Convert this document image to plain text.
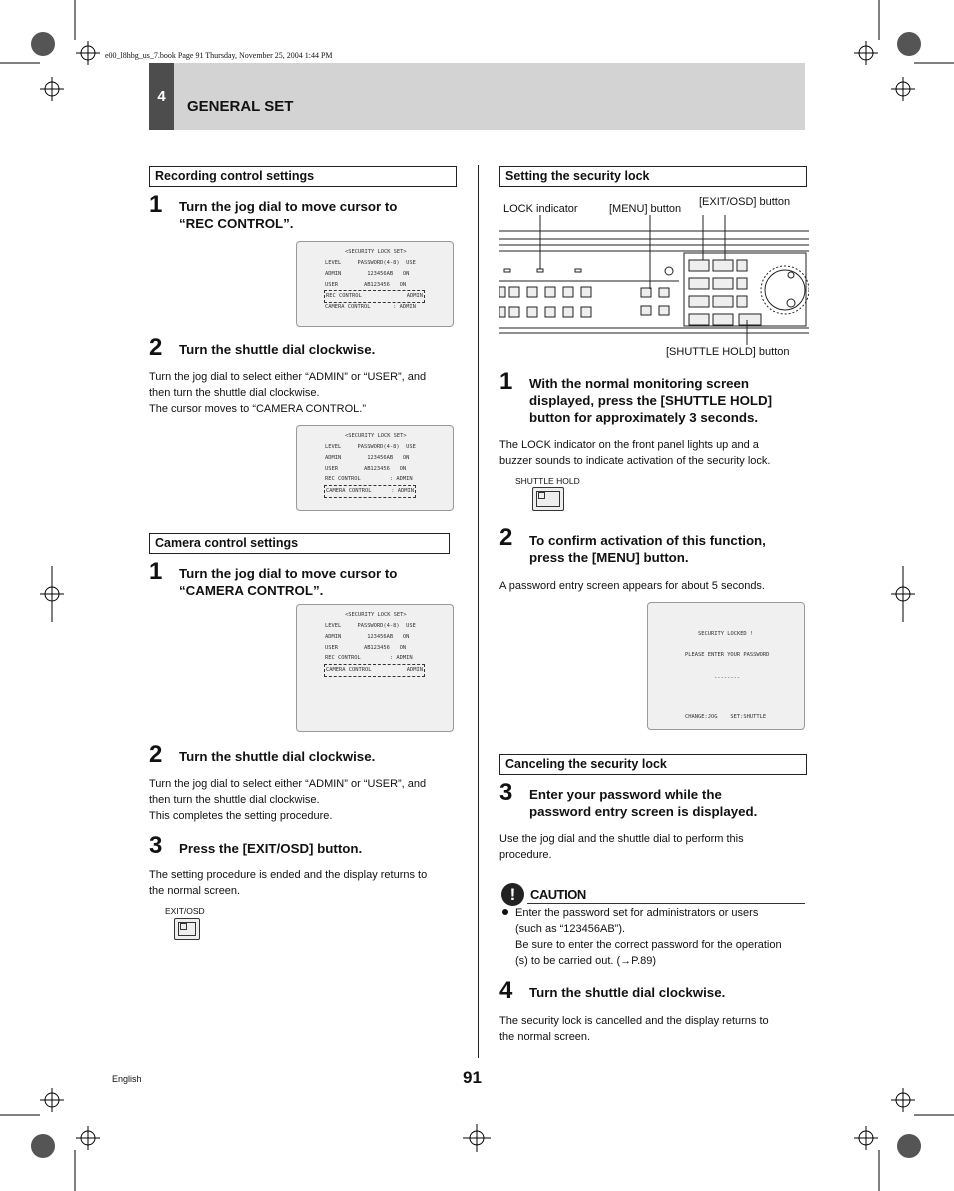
e00_l8hbg_us_7.book Page 91 Thursday, November 25, 2004 1:44 PM
4
GENERAL SET
Recording control settings
1 Turn the jog dial to move cursor to
“REC CONTROL”.
<SECURITY LOCK SET>
LEVEL     PASSWORD(4-8)  USE
ADMIN        123456AB   ON
USER        AB123456   ON
REC CONTROL	ADMIN
CAMERA CONTROL       : ADMIN
2 Turn the shuttle dial clockwise.
Turn the jog dial to select either “ADMIN” or “USER”, and
then turn the shuttle dial clockwise.
The cursor moves to “CAMERA CONTROL.”
<SECURITY LOCK SET>
LEVEL     PASSWORD(4-8)  USE
ADMIN        123456AB   ON
USER        AB123456   ON
REC CONTROL         : ADMIN
CAMERA CONTROL	: ADMIN
Camera control settings
1 Turn the jog dial to move cursor to
“CAMERA CONTROL”.
<SECURITY LOCK SET>
LEVEL     PASSWORD(4-8)  USE
ADMIN        123456AB   ON
USER        AB123456   ON
REC CONTROL         : ADMIN
CAMERA CONTROL	ADMIN
2 Turn the shuttle dial clockwise.
Turn the jog dial to select either “ADMIN” or “USER”, and
then turn the shuttle dial clockwise.
This completes the setting procedure.
3 Press the [EXIT/OSD] button.
The setting procedure is ended and the display returns to
the normal screen.
EXIT/OSD
Setting the security lock
LOCK indicator	[MENU] button
[EXIT/OSD] button
[SHUTTLE HOLD] button
1 With the normal monitoring screen
displayed, press the [SHUTTLE HOLD]
button for approximately 3 seconds.
The LOCK indicator on the front panel lights up and a
buzzer sounds to indicate activation of the security lock.
SHUTTLE HOLD
2 To confirm activation of this function,
press the [MENU] button.
A password entry screen appears for about 5 seconds.
SECURITY LOCKED !
PLEASE ENTER YOUR PASSWORD
--------
CHANGE:JOG    SET:SHUTTLE
Canceling the security lock
3 Enter your password while the
password entry screen is displayed.
Use the jog dial and the shuttle dial to perform this
procedure.
!	CAUTION
Enter the password set for administrators or users
(such as “123456AB”).
Be sure to enter the correct password for the operation
(s) to be carried out. (→P.89)
4 Turn the shuttle dial clockwise.
The security lock is cancelled and the display returns to
the normal screen.
English	91
